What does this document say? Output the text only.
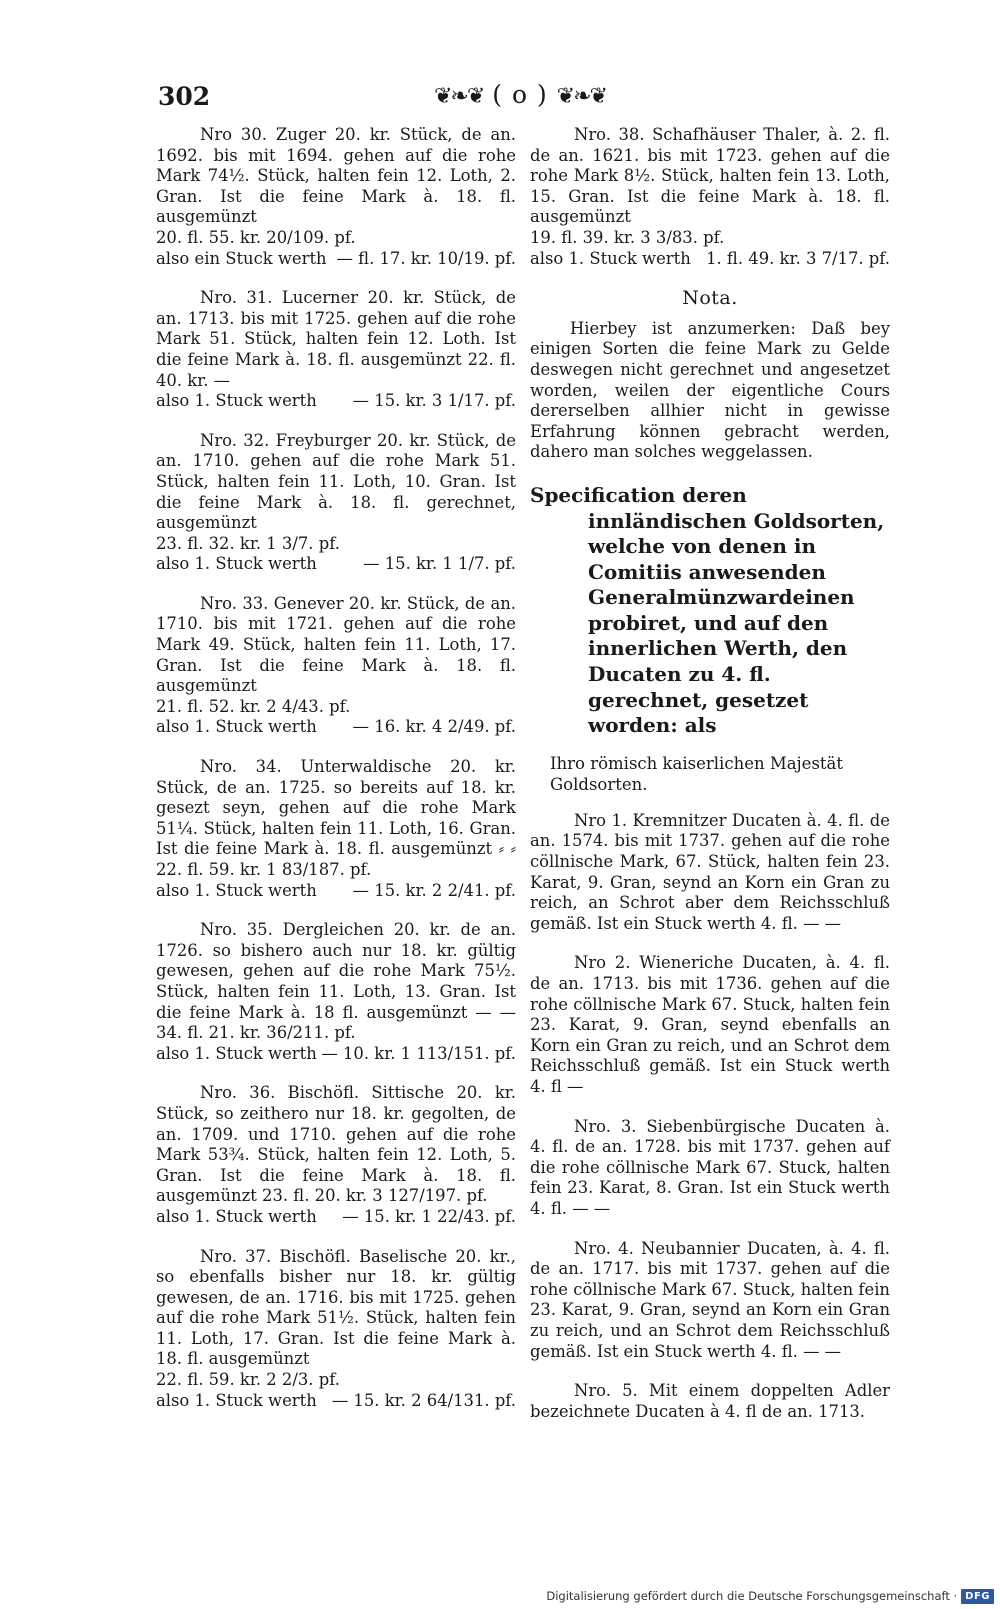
302	❦❧❦ ( o ) ❦❧❦

Nro 30. Zuger 20. kr. Stück, de an. 1692. bis mit 1694. gehen auf die rohe Mark 74½. Stück, halten fein 12. Loth, 2. Gran. Ist die feine Mark à. 18. fl. ausgemünzt

20. fl. 55. kr. 20/109. pf.

also ein Stuck werth — fl. 17. kr. 10/19. pf.

Nro. 31. Lucerner 20. kr. Stück, de an. 1713. bis mit 1725. gehen auf die rohe Mark 51. Stück, halten fein 12. Loth. Ist die feine Mark à. 18. fl. ausgemünzt 22. fl. 40. kr. —

also 1. Stuck werth — 15. kr. 3 1/17. pf.

Nro. 32. Freyburger 20. kr. Stück, de an. 1710. gehen auf die rohe Mark 51. Stück, halten fein 11. Loth, 10. Gran. Ist die feine Mark à. 18. fl. gerechnet, ausgemünzt

23. fl. 32. kr. 1 3/7. pf.

also 1. Stuck werth	— 15. kr. 1 1/7. pf.

Nro. 33. Genever 20. kr. Stück, de an. 1710. bis mit 1721. gehen auf die rohe Mark 49. Stück, halten fein 11. Loth, 17. Gran. Ist die feine Mark à. 18. fl. ausgemünzt

21. fl. 52. kr. 2 4/43. pf.

also 1. Stuck werth — 16. kr. 4 2/49. pf.

Nro. 34. Unterwaldische 20. kr. Stück, de an. 1725. so bereits auf 18. kr. gesezt seyn, gehen auf die rohe Mark 51¼. Stück, halten fein 11. Loth, 16. Gran. Ist die feine Mark à. 18. fl. ausgemünzt ⸗ ⸗ 22. fl. 59. kr. 1 83/187. pf.

also 1. Stuck werth — 15. kr. 2 2/41. pf.

Nro. 35. Dergleichen 20. kr. de an. 1726. so bishero auch nur 18. kr. gültig gewesen, gehen auf die rohe Mark 75½. Stück, halten fein 11. Loth, 13. Gran. Ist die feine Mark à. 18 fl. ausgemünzt — — 34. fl. 21. kr. 36/211. pf.

also 1. Stuck werth — 10. kr. 1 113/151. pf.

Nro. 36. Bischöfl. Sittische 20. kr. Stück, so zeithero nur 18. kr. gegolten, de an. 1709. und 1710. gehen auf die rohe Mark 53¾. Stück, halten fein 12. Loth, 5. Gran. Ist die feine Mark à. 18. fl. ausgemünzt 23. fl. 20. kr. 3 127/197. pf.

also 1. Stuck werth — 15. kr. 1 22/43. pf.

Nro. 37. Bischöfl. Baselische 20. kr., so ebenfalls bisher nur 18. kr. gültig gewesen, de an. 1716. bis mit 1725. gehen auf die rohe Mark 51½. Stück, halten fein 11. Loth, 17. Gran. Ist die feine Mark à. 18. fl. ausgemünzt

22. fl. 59. kr. 2 2/3. pf.

also 1. Stuck werth — 15. kr. 2 64/131. pf.

Nro. 38. Schafhäuser Thaler, à. 2. fl. de an. 1621. bis mit 1723. gehen auf die rohe Mark 8½. Stück, halten fein 13. Loth, 15. Gran. Ist die feine Mark à. 18. fl. ausgemünzt

19. fl. 39. kr. 3 3/83. pf.

also 1. Stuck werth 1. fl. 49. kr. 3 7/17. pf.

Nota.

Hierbey ist anzumerken: Daß bey einigen Sorten die feine Mark zu Gelde deswegen nicht gerechnet und angesetzet worden, weilen der eigentliche Cours dererselben allhier nicht in gewisse Erfahrung können gebracht werden, dahero man solches weggelassen.

Specification deren innländischen Goldsorten, welche von denen in Comitiis anwesenden Generalmünzwardeinen probiret, und auf den innerlichen Werth, den Ducaten zu 4. fl. gerechnet, gesetzet worden: als

Ihro römisch kaiserlichen Majestät Goldsorten.

Nro 1. Kremnitzer Ducaten à. 4. fl. de an. 1574. bis mit 1737. gehen auf die rohe cöllnische Mark, 67. Stück, halten fein 23. Karat, 9. Gran, seynd an Korn ein Gran zu reich, an Schrot aber dem Reichsschluß gemäß. Ist ein Stuck werth 4. fl. — —

Nro 2. Wieneriche Ducaten, à. 4. fl. de an. 1713. bis mit 1736. gehen auf die rohe cöllnische Mark 67. Stuck, halten fein 23. Karat, 9. Gran, seynd ebenfalls an Korn ein Gran zu reich, und an Schrot dem Reichsschluß gemäß. Ist ein Stuck werth 4. fl —

Nro. 3. Siebenbürgische Ducaten à. 4. fl. de an. 1728. bis mit 1737. gehen auf die rohe cöllnische Mark 67. Stuck, halten fein 23. Karat, 8. Gran. Ist ein Stuck werth 4. fl. — —

Nro. 4. Neubannier Ducaten, à. 4. fl. de an. 1717. bis mit 1737. gehen auf die rohe cöllnische Mark 67. Stuck, halten fein 23. Karat, 9. Gran, seynd an Korn ein Gran zu reich, und an Schrot dem Reichsschluß gemäß. Ist ein Stuck werth 4. fl. — —

Nro. 5. Mit einem doppelten Adler bezeichnete Ducaten à 4. fl de an. 1713.

Digitalisierung gefördert durch die Deutsche Forschungsgemeinschaft · DFG
